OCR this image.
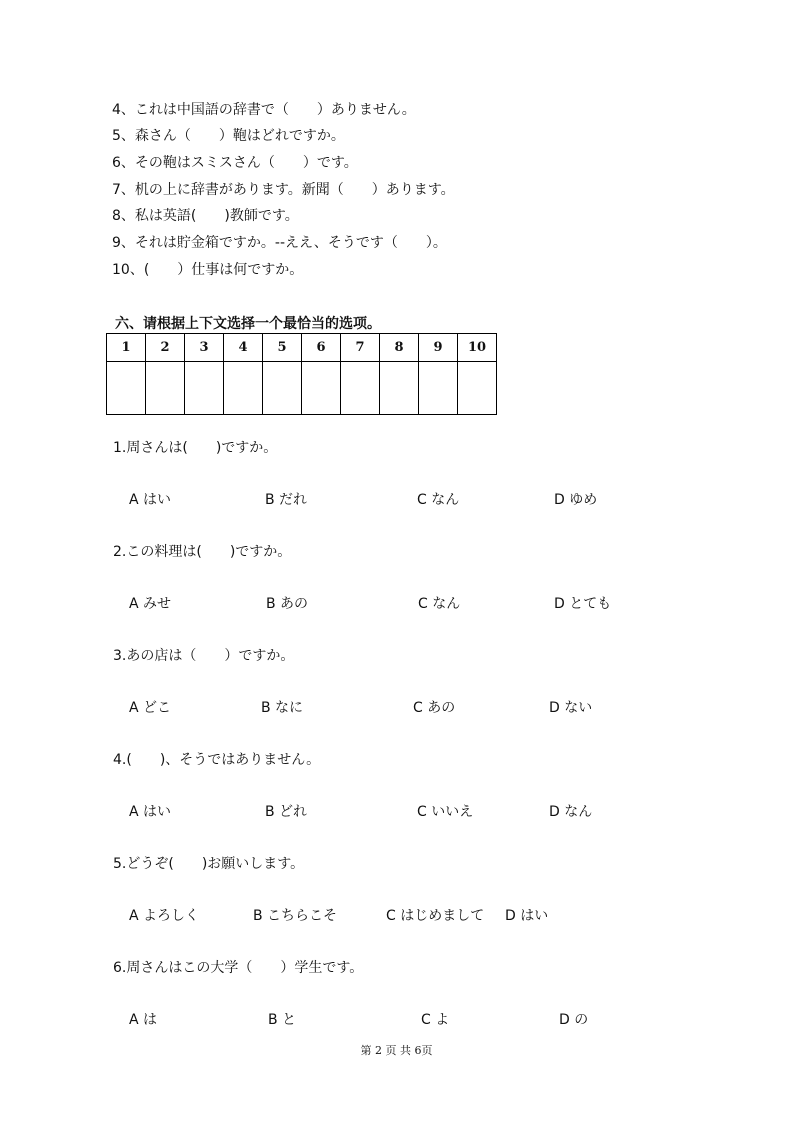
4、これは中国語の辞書で（　　）ありません。
5、森さん（　　）鞄はどれですか。
6、その鞄はスミスさん（　　）です。
7、机の上に辞書があります。新聞（　　）あります。
8、私は英語(　　)教師です。
9、それは貯金箱ですか。--ええ、そうです（　　）。
10、(　　）仕事は何ですか。
六、请根据上下文选择一个最恰当的选项。
1	2	3	4	5	6	7	8	9	10

1.周さんは(　　)ですか。
A はい	B だれ	C なん	D ゆめ
2.この料理は(　　)ですか。
A みせ	B あの	C なん	D とても
3.あの店は（　　）ですか。
A どこ	B なに	C あの	D ない
4.(　　)、そうではありません。
A はい	B どれ	C いいえ	D なん
5.どうぞ(　　)お願いします。
A よろしく	B こちらこそ	C はじめまして D はい
6.周さんはこの大学（　　）学生です。
A は	B と	C よ	D の
第 2 页 共 6页
